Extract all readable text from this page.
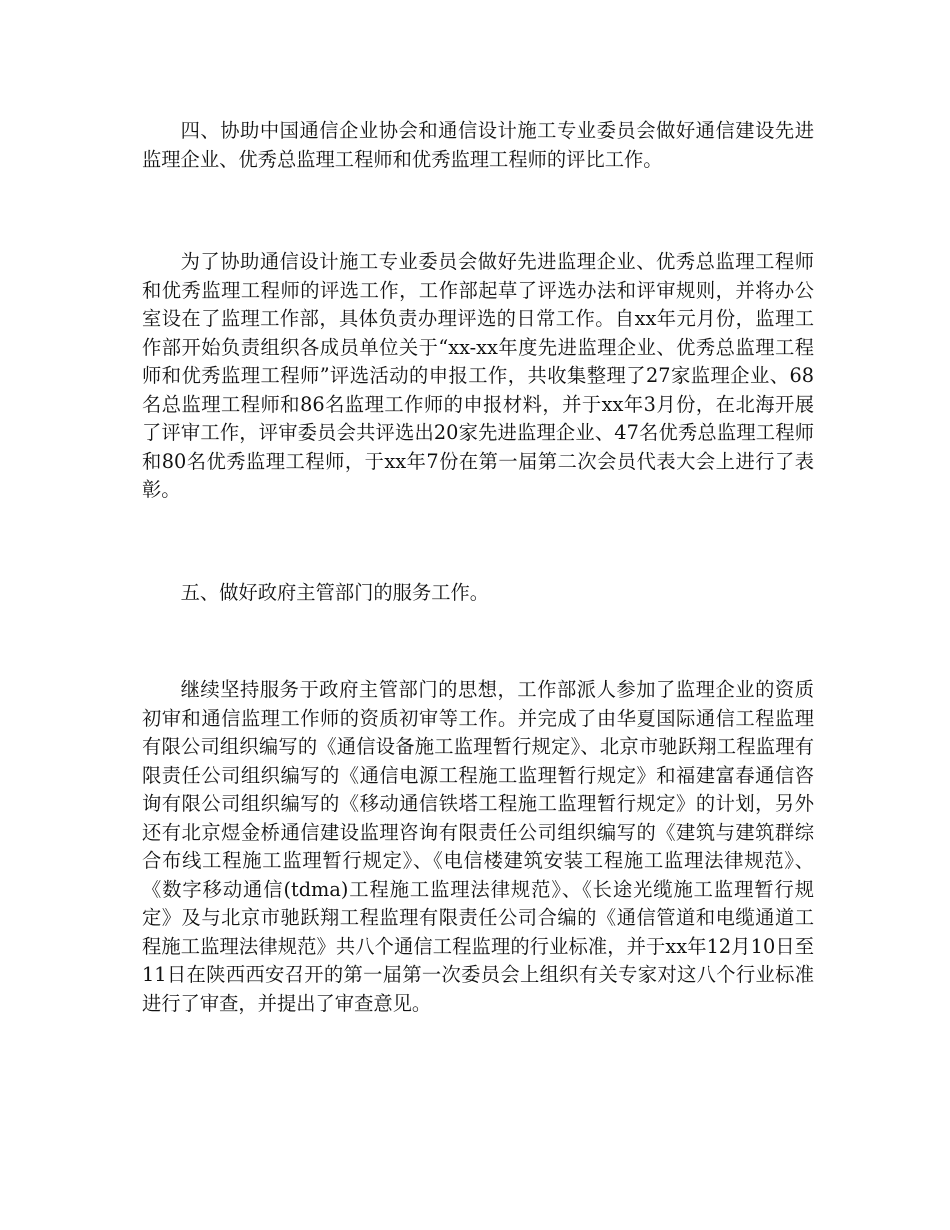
四、协助中国通信企业协会和通信设计施工专业委员会做好通信建设先进监理企业、优秀总监理工程师和优秀监理工程师的评比工作。

为了协助通信设计施工专业委员会做好先进监理企业、优秀总监理工程师和优秀监理工程师的评选工作，工作部起草了评选办法和评审规则，并将办公室设在了监理工作部，具体负责办理评选的日常工作。自xx年元月份，监理工作部开始负责组织各成员单位关于“xx-xx年度先进监理企业、优秀总监理工程师和优秀监理工程师”评选活动的申报工作，共收集整理了27家监理企业、68名总监理工程师和86名监理工作师的申报材料，并于xx年3月份，在北海开展了评审工作，评审委员会共评选出20家先进监理企业、47名优秀总监理工程师和80名优秀监理工程师，于xx年7份在第一届第二次会员代表大会上进行了表彰。

五、做好政府主管部门的服务工作。

继续坚持服务于政府主管部门的思想，工作部派人参加了监理企业的资质初审和通信监理工作师的资质初审等工作。并完成了由华夏国际通信工程监理有限公司组织编写的《通信设备施工监理暂行规定》、北京市驰跃翔工程监理有限责任公司组织编写的《通信电源工程施工监理暂行规定》和福建富春通信咨询有限公司组织编写的《移动通信铁塔工程施工监理暂行规定》的计划，另外还有北京煜金桥通信建设监理咨询有限责任公司组织编写的《建筑与建筑群综合布线工程施工监理暂行规定》、《电信楼建筑安装工程施工监理法律规范》、《数字移动通信(tdma)工程施工监理法律规范》、《长途光缆施工监理暂行规定》及与北京市驰跃翔工程监理有限责任公司合编的《通信管道和电缆通道工程施工监理法律规范》共八个通信工程监理的行业标准，并于xx年12月10日至11日在陕西西安召开的第一届第一次委员会上组织有关专家对这八个行业标准进行了审查，并提出了审查意见。
